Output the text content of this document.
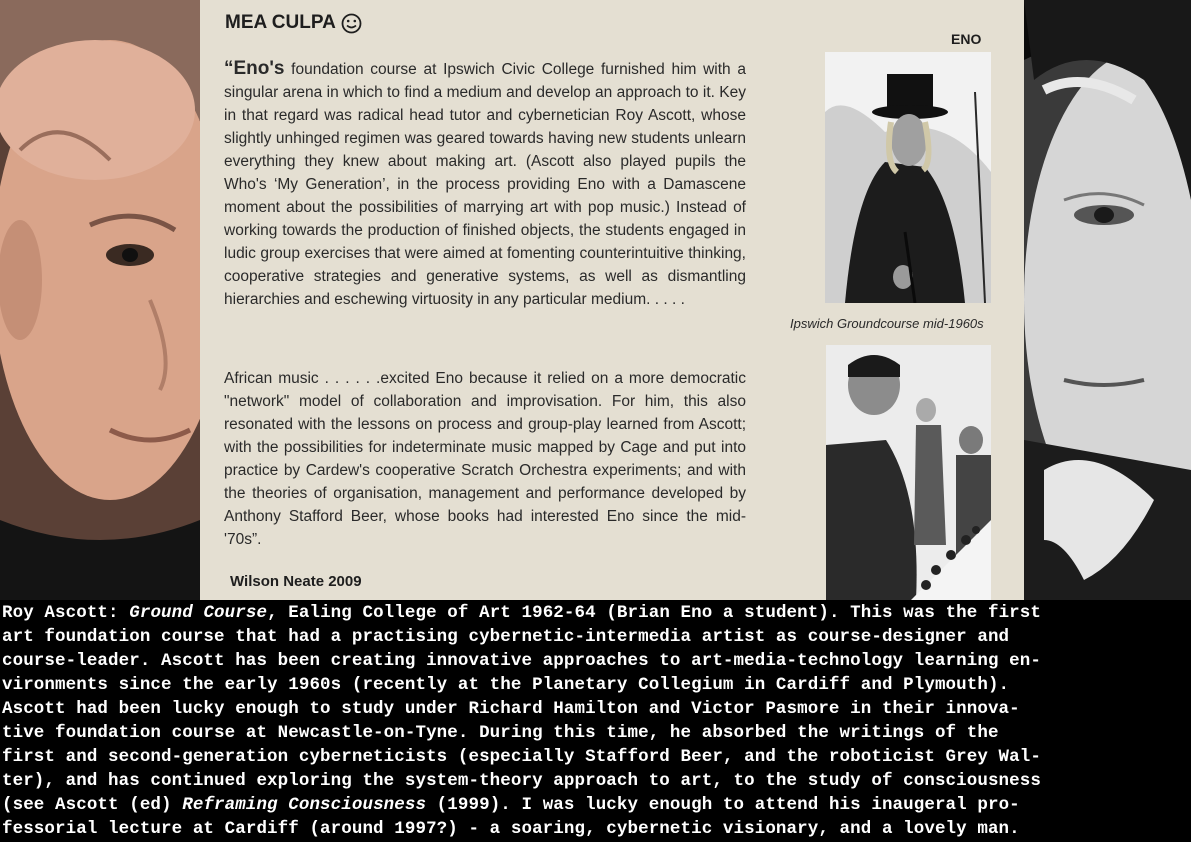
MEA CULPA
ENO
“Eno's foundation course at Ipswich Civic College furnished him with a singular arena in which to find a medium and develop an approach to it. Key in that regard was radical head tutor and cybernetician Roy Ascott, whose slightly unhinged regimen was geared towards having new students unlearn everything they knew about making art. (Ascott also played pupils the Who's ‘My Generation’, in the process providing Eno with a Damascene moment about the possibilities of marrying art with pop music.) Instead of working towards the production of finished objects, the students engaged in ludic group exercises that were aimed at fomenting counterintuitive thinking, cooperative strategies and generative systems, as well as dismantling hierarchies and eschewing virtuosity in any particular medium. . . . .
African music . . . . . .excited Eno because it relied on a more democratic "network" model of collaboration and improvisation. For him, this also resonated with the lessons on process and group-play learned from Ascott; with the possibilities for indeterminate music mapped by Cage and put into practice by Cardew's cooperative Scratch Orchestra experiments; and with the theories of organisation, management and performance developed by Anthony Stafford Beer, whose books had interested Eno since the mid-'70s”.
Wilson Neate 2009
Ipswich Groundcourse mid-1960s

Roy Ascott: Ground Course, Ealing College of Art 1962-64 (Brian Eno a student). This was the first

art foundation course that had a practising cybernetic-intermedia artist as course-designer and

course-leader. Ascott has been creating innovative approaches to art-media-technology learning en-

vironments since the early 1960s (recently at the Planetary Collegium in Cardiff and Plymouth).

Ascott had been lucky enough to study under Richard Hamilton and Victor Pasmore in their innova-

tive foundation course at Newcastle-on-Tyne. During this time, he absorbed the writings of the

first and second-generation cyberneticists (especially Stafford Beer, and the roboticist Grey Wal-

ter), and has continued exploring the system-theory approach to art, to the study of consciousness

(see Ascott (ed) Reframing Consciousness (1999). I was lucky enough to attend his inaugeral pro-

fessorial lecture at Cardiff (around 1997?) - a soaring, cybernetic visionary, and a lovely man.
